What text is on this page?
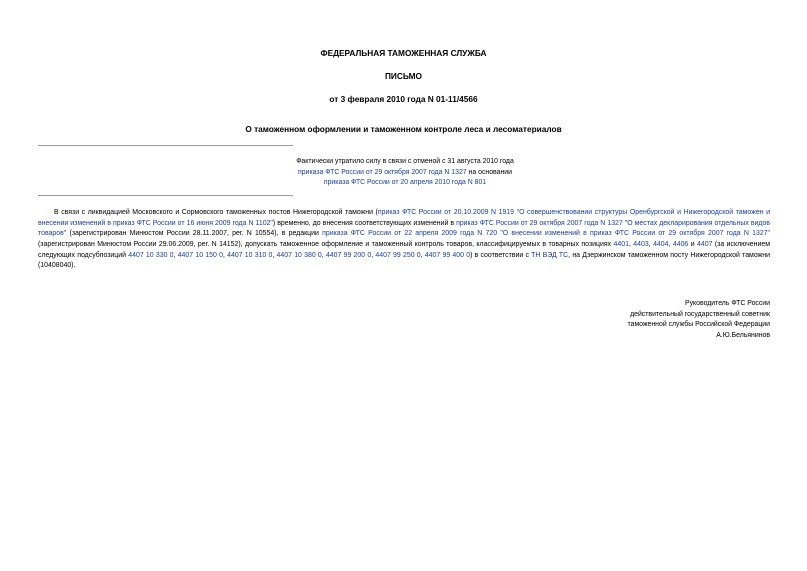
ФЕДЕРАЛЬНАЯ ТАМОЖЕННАЯ СЛУЖБА
ПИСЬМО
от 3 февраля 2010 года N 01-11/4566
О таможенном оформлении и таможенном контроле леса и лесоматериалов
Фактически утратило силу в связи с отменой с 31 августа 2010 года
приказа ФТС России от 29 октября 2007 года N 1327 на основании
приказа ФТС России от 20 апреля 2010 года N 801
В связи с ликвидацией Московского и Сормовского таможенных постов Нижегородской таможни (приказ ФТС России от 20.10.2009 N 1919 "О совершенствовании структуры Оренбургской и Нижегородской таможен и внесении изменений в приказ ФТС России от 16 июня 2009 года N 1102") временно, до внесения соответствующих изменений в приказ ФТС России от 29 октября 2007 года N 1327 "О местах декларирования отдельных видов товаров" (зарегистрирован Минюстом России 28.11.2007, рег. N 10554), в редакции приказа ФТС России от 22 апреля 2009 года N 720 "О внесении изменений в приказ ФТС России от 29 октября 2007 года N 1327" (зарегистрирован Минюстом России 29.06.2009, рег. N 14152), допускать таможенное оформление и таможенный контроль товаров, классифицируемых в товарных позициях 4401, 4403, 4404, 4406 и 4407 (за исключением следующих подсубпозиций 4407 10 330 0, 4407 10 150 0, 4407 10 310 0, 4407 10 380 0, 4407 99 200 0, 4407 99 250 0, 4407 99 400 0) в соответствии с ТН ВЭД ТС, на Дзержинском таможенном посту Нижегородской таможни (10408040).
Руководитель ФТС России
действительный государственный советник
таможенной службы Российской Федерации
А.Ю.Бельянинов
